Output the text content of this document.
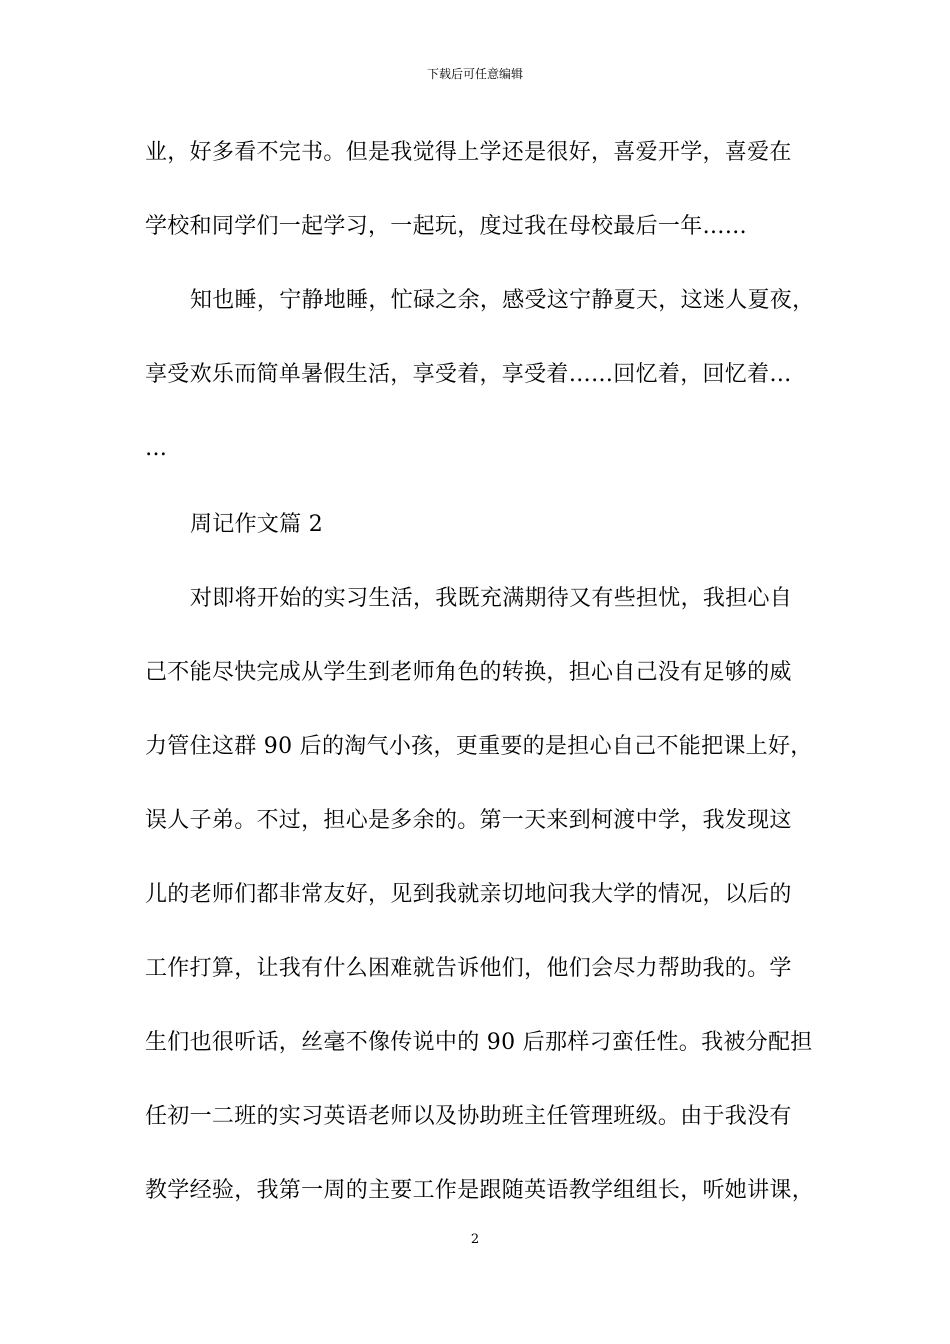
下载后可任意编辑
业，好多看不完书。但是我觉得上学还是很好，喜爱开学，喜爱在
学校和同学们一起学习，一起玩，度过我在母校最后一年……
知也睡，宁静地睡，忙碌之余，感受这宁静夏天，这迷人夏夜，
享受欢乐而简单暑假生活，享受着，享受着……回忆着，回忆着…
…
周记作文篇 2
对即将开始的实习生活，我既充满期待又有些担忧，我担心自
己不能尽快完成从学生到老师角色的转换，担心自己没有足够的威
力管住这群 90 后的淘气小孩，更重要的是担心自己不能把课上好，
误人子弟。不过，担心是多余的。第一天来到柯渡中学，我发现这
儿的老师们都非常友好，见到我就亲切地问我大学的情况，以后的
工作打算，让我有什么困难就告诉他们，他们会尽力帮助我的。学
生们也很听话，丝毫不像传说中的 90 后那样刁蛮任性。我被分配担
任初一二班的实习英语老师以及协助班主任管理班级。由于我没有
教学经验，我第一周的主要工作是跟随英语教学组组长，听她讲课，
2
